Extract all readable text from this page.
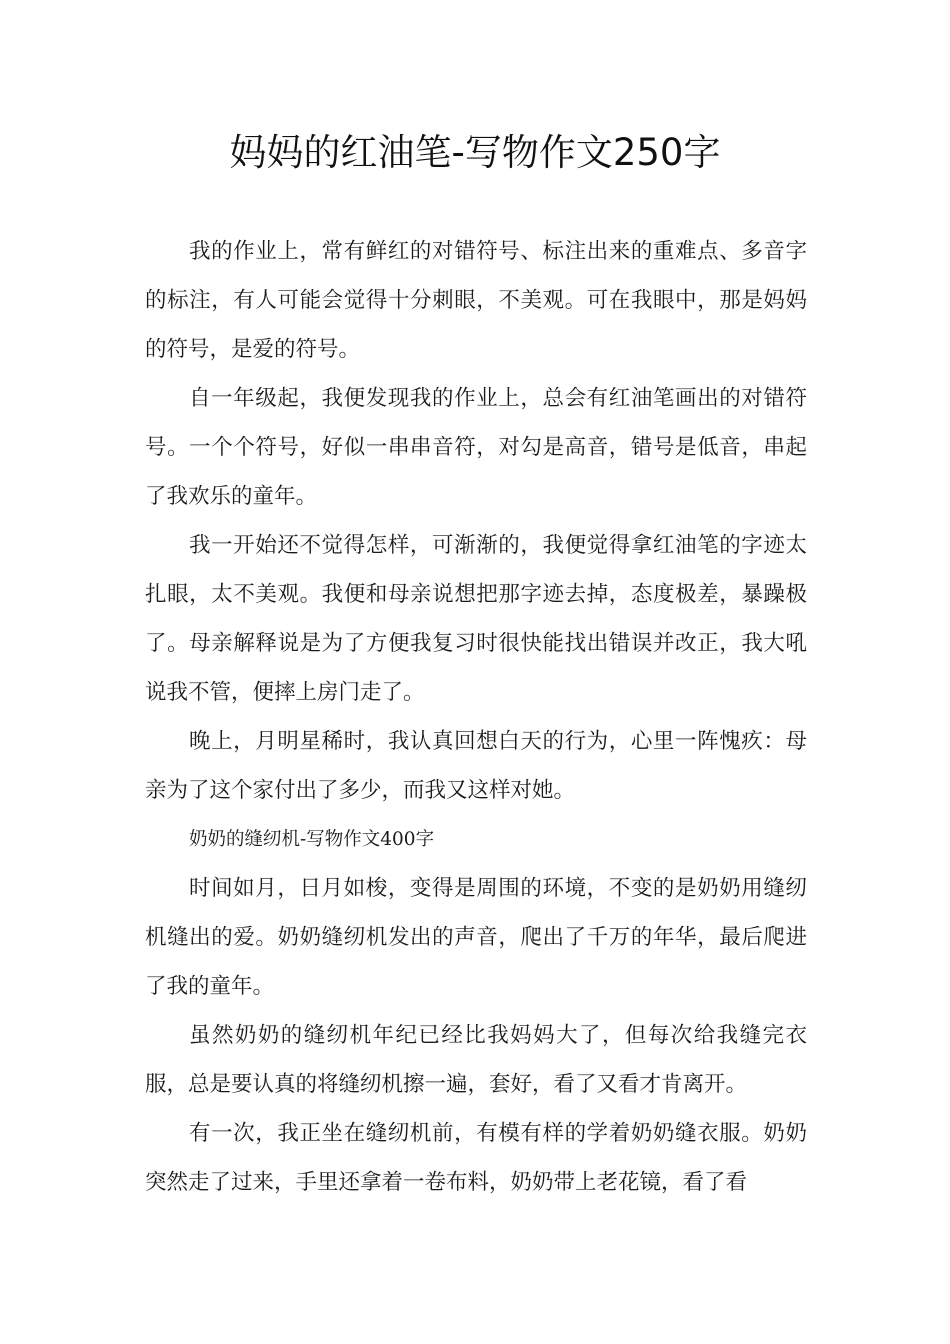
妈妈的红油笔-写物作文250字

我的作业上，常有鲜红的对错符号、标注出来的重难点、多音字的标注，有人可能会觉得十分刺眼，不美观。可在我眼中，那是妈妈的符号，是爱的符号。

自一年级起，我便发现我的作业上，总会有红油笔画出的对错符号。一个个符号，好似一串串音符，对勾是高音，错号是低音，串起了我欢乐的童年。

我一开始还不觉得怎样，可渐渐的，我便觉得拿红油笔的字迹太扎眼，太不美观。我便和母亲说想把那字迹去掉，态度极差，暴躁极了。母亲解释说是为了方便我复习时很快能找出错误并改正，我大吼说我不管，便摔上房门走了。

晚上，月明星稀时，我认真回想白天的行为，心里一阵愧疚：母亲为了这个家付出了多少，而我又这样对她。

奶奶的缝纫机-写物作文400字

时间如月，日月如梭，变得是周围的环境，不变的是奶奶用缝纫机缝出的爱。奶奶缝纫机发出的声音，爬出了千万的年华，最后爬进了我的童年。

虽然奶奶的缝纫机年纪已经比我妈妈大了，但每次给我缝完衣服，总是要认真的将缝纫机擦一遍，套好，看了又看才肯离开。

有一次，我正坐在缝纫机前，有模有样的学着奶奶缝衣服。奶奶突然走了过来，手里还拿着一卷布料，奶奶带上老花镜，看了看
